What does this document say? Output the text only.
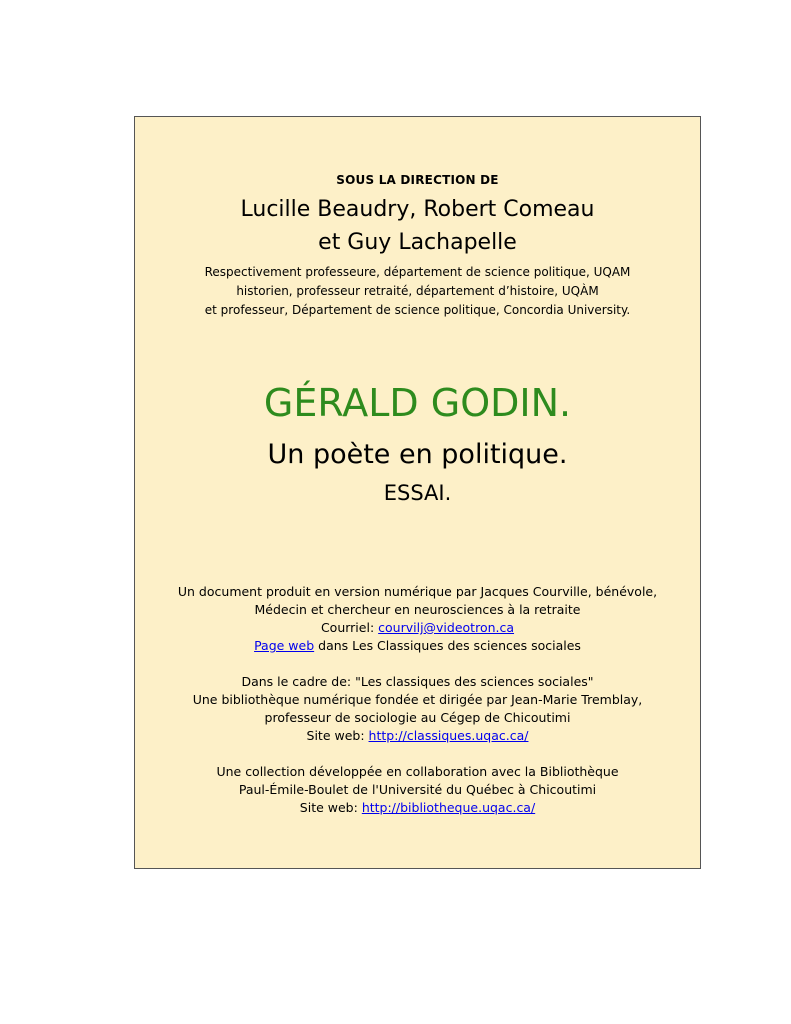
SOUS LA DIRECTION DE
Lucille Beaudry, Robert Comeau
et Guy Lachapelle
Respectivement professeure, département de science politique, UQAM
historien, professeur retraité, département d’histoire, UQÀM
et professeur, Département de science politique, Concordia University.
GÉRALD GODIN.
Un poète en politique.
ESSAI.
Un document produit en version numérique par Jacques Courville, bénévole,
Médecin et chercheur en neurosciences à la retraite
Courriel: courvilj@videotron.ca
Page web dans Les Classiques des sciences sociales
Dans le cadre de: "Les classiques des sciences sociales"
Une bibliothèque numérique fondée et dirigée par Jean-Marie Tremblay,
professeur de sociologie au Cégep de Chicoutimi
Site web: http://classiques.uqac.ca/
Une collection développée en collaboration avec la Bibliothèque
Paul-Émile-Boulet de l'Université du Québec à Chicoutimi
Site web: http://bibliotheque.uqac.ca/
